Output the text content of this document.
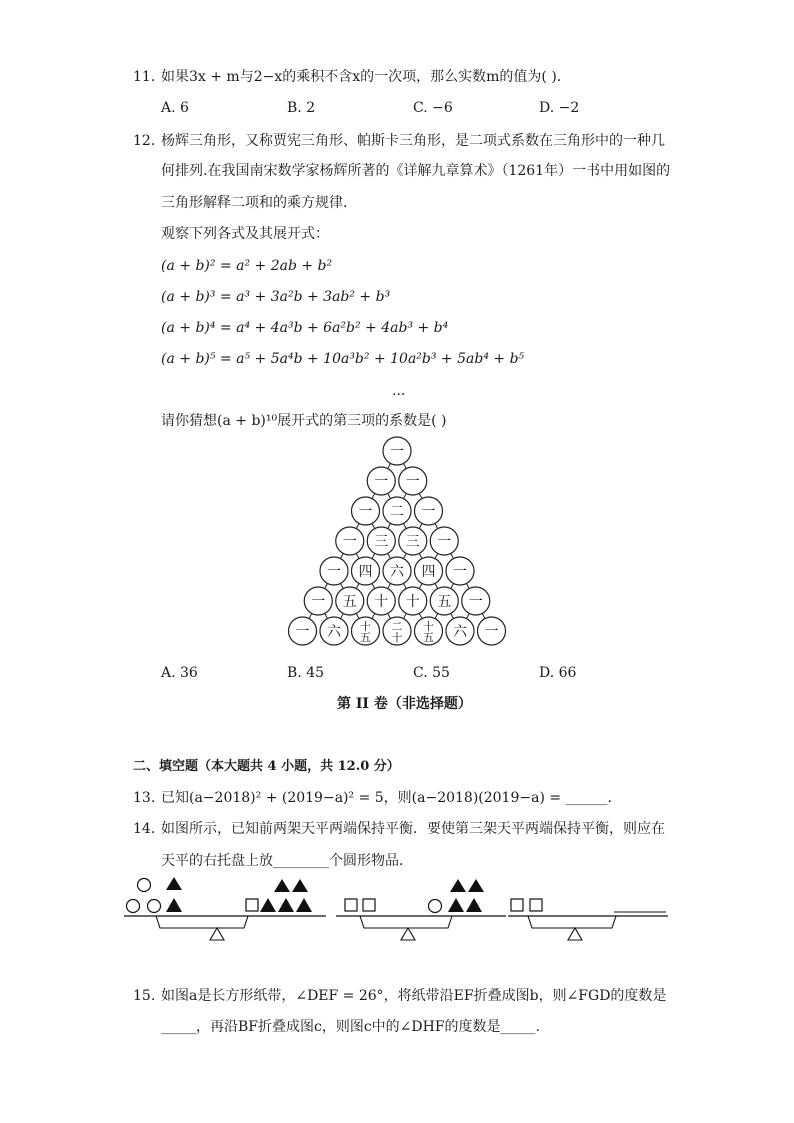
11. 如果3x + m与2−x的乘积不含x的一次项，那么实数m的值为( )．
A. 6	B. 2	C. −6	D. −2
12. 杨辉三角形，又称贾宪三角形、帕斯卡三角形，是二项式系数在三角形中的一种几
何排列.在我国南宋数学家杨辉所著的《详解九章算术》（1261年）一书中用如图的
三角形解释二项和的乘方规律．
观察下列各式及其展开式：
(a + b)² = a² + 2ab + b²
(a + b)³ = a³ + 3a²b + 3ab² + b³
(a + b)⁴ = a⁴ + 4a³b + 6a²b² + 4ab³ + b⁴
(a + b)⁵ = a⁵ + 5a⁴b + 10a³b² + 10a²b³ + 5ab⁴ + b⁵
...
请你猜想(a + b)¹⁰展开式的第三项的系数是( )
一
一 一
一 二 一
一 三 三 一
一 四 六 四 一
一 五 十 十 五 一
一 六 十
五
二
十
十
五 六 一
A. 36	B. 45	C. 55	D. 66
第 II 卷（非选择题）
二、填空题（本大题共 4 小题，共 12.0 分）
13. 已知(a−2018)² + (2019−a)² = 5，则(a−2018)(2019−a) = ______.
14. 如图所示，已知前两架天平两端保持平衡．要使第三架天平两端保持平衡，则应在
天平的右托盘上放________个圆形物品．
15. 如图a是长方形纸带，∠DEF = 26°，将纸带沿EF折叠成图b，则∠FGD的度数是
_____，再沿BF折叠成图c，则图c中的∠DHF的度数是_____.
